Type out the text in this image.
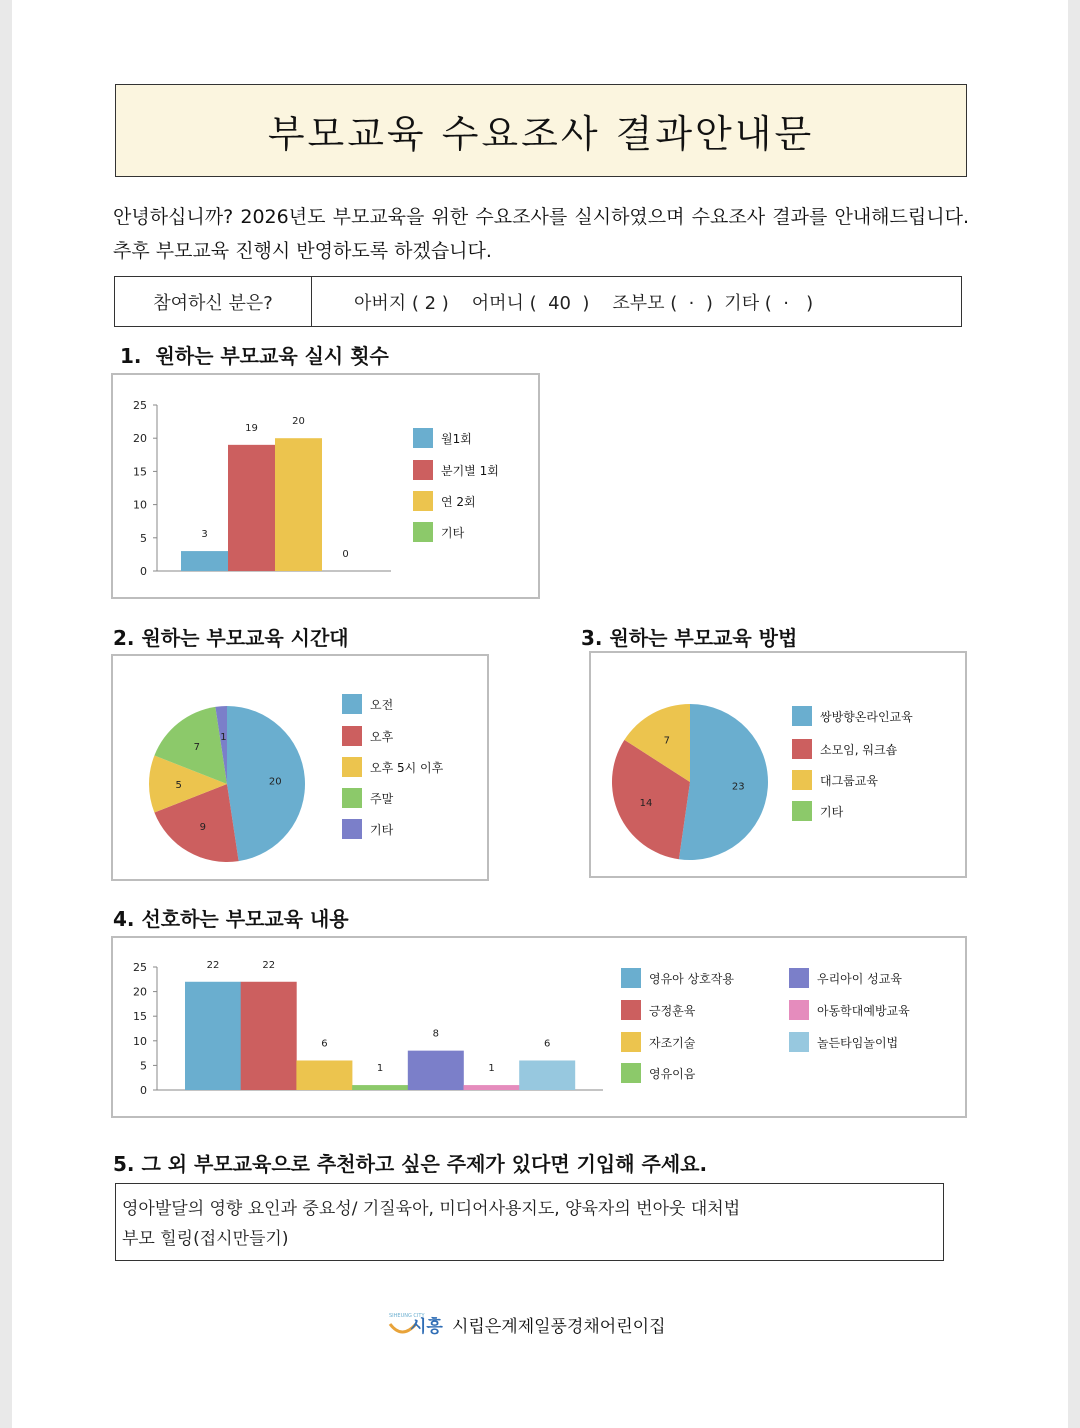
부모교육 수요조사 결과안내문
안녕하십니까? 2026년도 부모교육을 위한 수요조사를 실시하였으며 수요조사 결과를 안내해드립니다. 추후 부모교육 진행시 반영하도록 하겠습니다.
참여하신 분은?	아버지 ( 2 )    어머니 (  40  )    조부모 (  ·  )  기타 (  ·   )
1.  원하는 부모교육 실시 횟수
0
5
10
15
20
25
3
19
20
0
월1회
분기별 1회
연 2회
기타
2. 원하는 부모교육 시간대
20
9
5
7
1
오전
오후
오후 5시 이후
주말
기타
3. 원하는 부모교육 방법
23
14
7
쌍방향온라인교육
소모임, 워크숍
대그룹교육
기타
4. 선호하는 부모교육 내용
0
5
10
15
20
25	22	22
6
1
8
1
6
영유아 상호작용
긍정훈육
자조기술
영유이음
우리아이 성교육
아동학대예방교육
놀든타임놀이법
5. 그 외 부모교육으로 추천하고 싶은 주제가 있다면 기입해 주세요.
영아발달의 영향 요인과 중요성/ 기질육아, 미디어사용지도, 양육자의 번아웃 대처법
부모 힐링(접시만들기)
SIHEUNG CITY
시흥 시립은계제일풍경채어린이집
